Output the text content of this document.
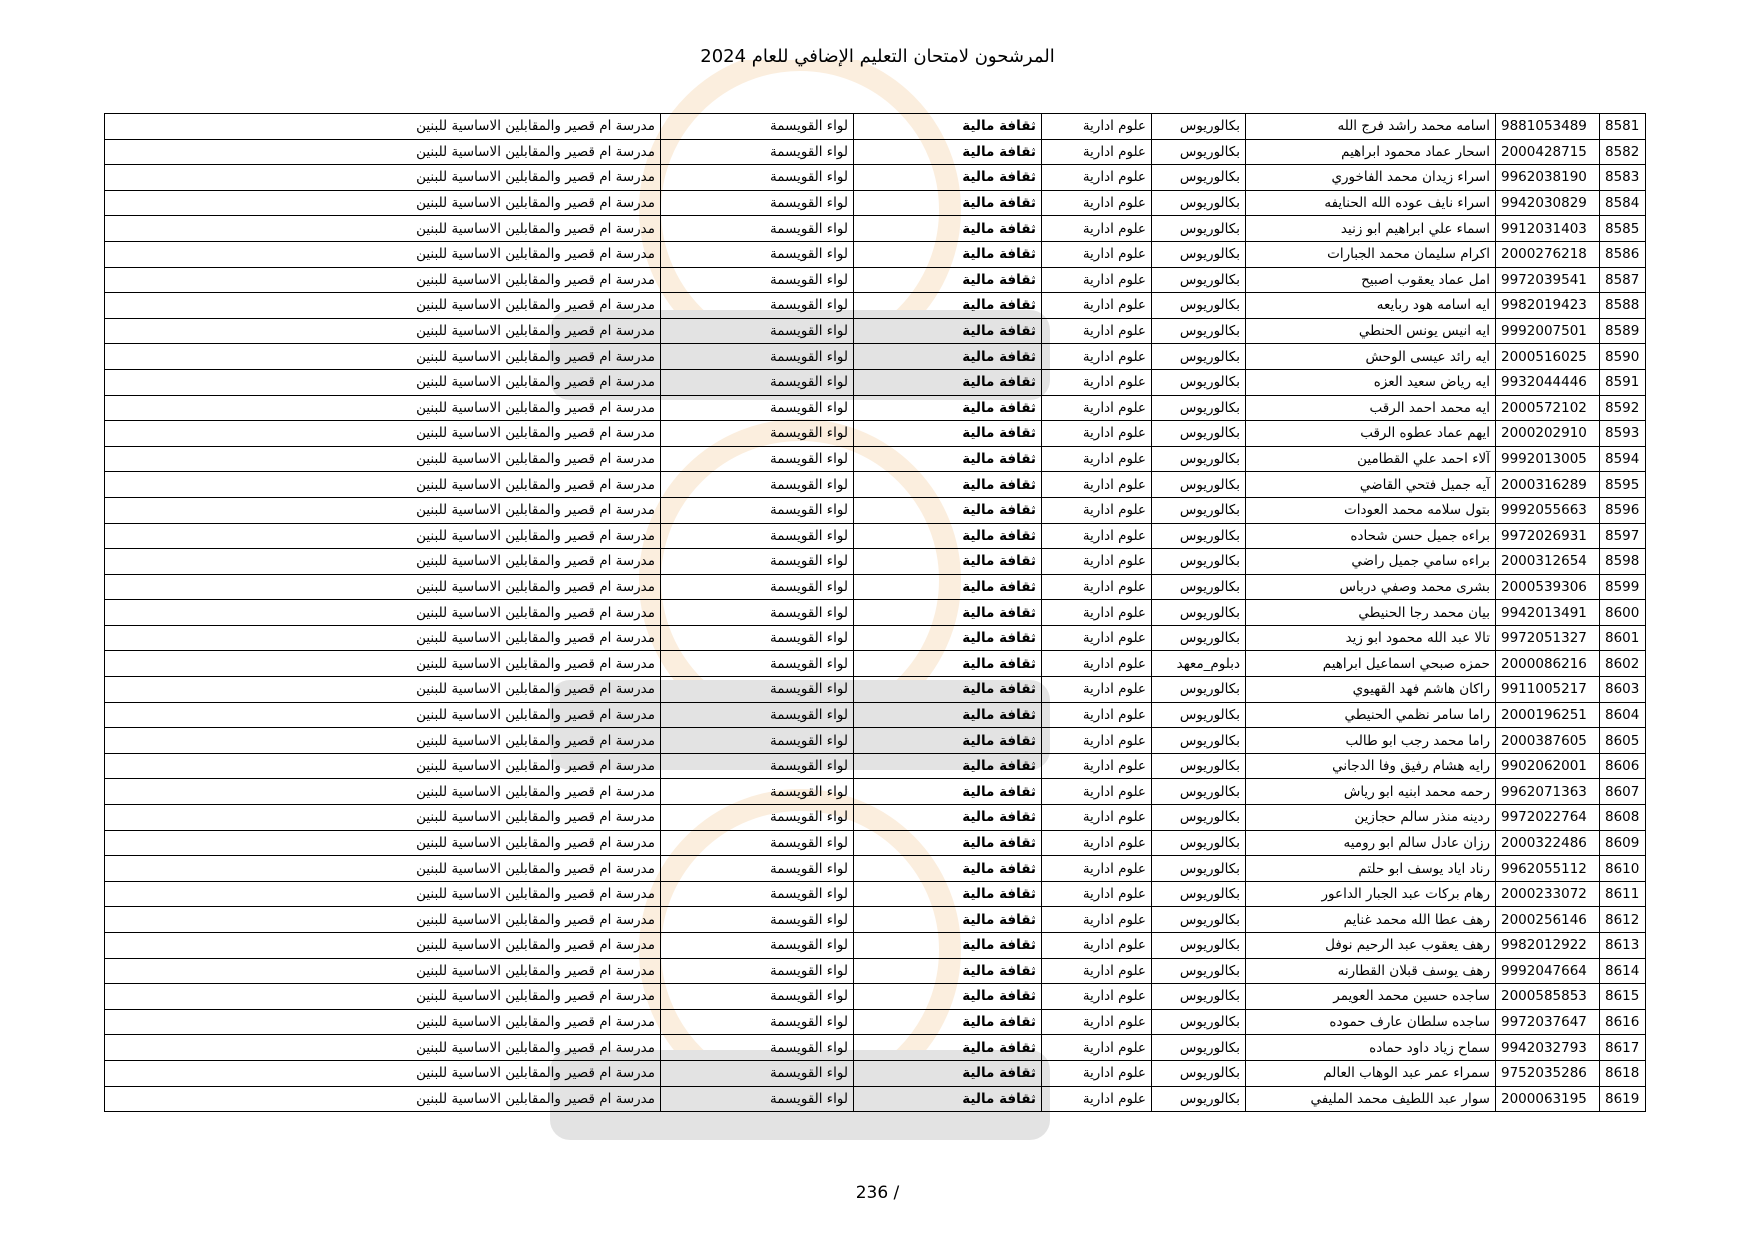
المرشحون لامتحان التعليم الإضافي للعام 2024
8581	9881053489	اسامه محمد راشد فرج الله	بكالوريوس	علوم ادارية	ثقافة مالية	لواء القويسمة	مدرسة ام قصير والمقابلين الاساسية للبنين
8582	2000428715	اسحار عماد محمود ابراهيم	بكالوريوس	علوم ادارية	ثقافة مالية	لواء القويسمة	مدرسة ام قصير والمقابلين الاساسية للبنين
8583	9962038190	اسراء زيدان محمد الفاخوري	بكالوريوس	علوم ادارية	ثقافة مالية	لواء القويسمة	مدرسة ام قصير والمقابلين الاساسية للبنين
8584	9942030829	اسراء نايف عوده الله الحنايفه	بكالوريوس	علوم ادارية	ثقافة مالية	لواء القويسمة	مدرسة ام قصير والمقابلين الاساسية للبنين
8585	9912031403	اسماء علي ابراهيم ابو زنيد	بكالوريوس	علوم ادارية	ثقافة مالية	لواء القويسمة	مدرسة ام قصير والمقابلين الاساسية للبنين
8586	2000276218	اكرام سليمان محمد الجبارات	بكالوريوس	علوم ادارية	ثقافة مالية	لواء القويسمة	مدرسة ام قصير والمقابلين الاساسية للبنين
8587	9972039541	امل عماد يعقوب اصبيح	بكالوريوس	علوم ادارية	ثقافة مالية	لواء القويسمة	مدرسة ام قصير والمقابلين الاساسية للبنين
8588	9982019423	ايه اسامه هود ربايعه	بكالوريوس	علوم ادارية	ثقافة مالية	لواء القويسمة	مدرسة ام قصير والمقابلين الاساسية للبنين
8589	9992007501	ايه انيس يونس الحنطي	بكالوريوس	علوم ادارية	ثقافة مالية	لواء القويسمة	مدرسة ام قصير والمقابلين الاساسية للبنين
8590	2000516025	ايه رائد عيسى الوحش	بكالوريوس	علوم ادارية	ثقافة مالية	لواء القويسمة	مدرسة ام قصير والمقابلين الاساسية للبنين
8591	9932044446	ايه رياض سعيد العزه	بكالوريوس	علوم ادارية	ثقافة مالية	لواء القويسمة	مدرسة ام قصير والمقابلين الاساسية للبنين
8592	2000572102	ايه محمد احمد الرقب	بكالوريوس	علوم ادارية	ثقافة مالية	لواء القويسمة	مدرسة ام قصير والمقابلين الاساسية للبنين
8593	2000202910	ايهم عماد عطوه الرقب	بكالوريوس	علوم ادارية	ثقافة مالية	لواء القويسمة	مدرسة ام قصير والمقابلين الاساسية للبنين
8594	9992013005	آلاء احمد علي القطامين	بكالوريوس	علوم ادارية	ثقافة مالية	لواء القويسمة	مدرسة ام قصير والمقابلين الاساسية للبنين
8595	2000316289	آيه جميل فتحي القاضي	بكالوريوس	علوم ادارية	ثقافة مالية	لواء القويسمة	مدرسة ام قصير والمقابلين الاساسية للبنين
8596	9992055663	بتول سلامه محمد العودات	بكالوريوس	علوم ادارية	ثقافة مالية	لواء القويسمة	مدرسة ام قصير والمقابلين الاساسية للبنين
8597	9972026931	براءه جميل حسن شحاده	بكالوريوس	علوم ادارية	ثقافة مالية	لواء القويسمة	مدرسة ام قصير والمقابلين الاساسية للبنين
8598	2000312654	براءه سامي جميل راضي	بكالوريوس	علوم ادارية	ثقافة مالية	لواء القويسمة	مدرسة ام قصير والمقابلين الاساسية للبنين
8599	2000539306	بشرى محمد وصفي درباس	بكالوريوس	علوم ادارية	ثقافة مالية	لواء القويسمة	مدرسة ام قصير والمقابلين الاساسية للبنين
8600	9942013491	بيان محمد رجا الحنيطي	بكالوريوس	علوم ادارية	ثقافة مالية	لواء القويسمة	مدرسة ام قصير والمقابلين الاساسية للبنين
8601	9972051327	تالا عبد الله محمود ابو زيد	بكالوريوس	علوم ادارية	ثقافة مالية	لواء القويسمة	مدرسة ام قصير والمقابلين الاساسية للبنين
8602	2000086216	حمزه صبحي اسماعيل ابراهيم	دبلوم_معهد	علوم ادارية	ثقافة مالية	لواء القويسمة	مدرسة ام قصير والمقابلين الاساسية للبنين
8603	9911005217	راكان هاشم فهد القهيوي	بكالوريوس	علوم ادارية	ثقافة مالية	لواء القويسمة	مدرسة ام قصير والمقابلين الاساسية للبنين
8604	2000196251	راما سامر نظمي الحنيطي	بكالوريوس	علوم ادارية	ثقافة مالية	لواء القويسمة	مدرسة ام قصير والمقابلين الاساسية للبنين
8605	2000387605	راما محمد رجب ابو طالب	بكالوريوس	علوم ادارية	ثقافة مالية	لواء القويسمة	مدرسة ام قصير والمقابلين الاساسية للبنين
8606	9902062001	رايه هشام رفيق وفا الدجاني	بكالوريوس	علوم ادارية	ثقافة مالية	لواء القويسمة	مدرسة ام قصير والمقابلين الاساسية للبنين
8607	9962071363	رحمه محمد ابنيه ابو رياش	بكالوريوس	علوم ادارية	ثقافة مالية	لواء القويسمة	مدرسة ام قصير والمقابلين الاساسية للبنين
8608	9972022764	ردينه منذر سالم حجازين	بكالوريوس	علوم ادارية	ثقافة مالية	لواء القويسمة	مدرسة ام قصير والمقابلين الاساسية للبنين
8609	2000322486	رزان عادل سالم ابو روميه	بكالوريوس	علوم ادارية	ثقافة مالية	لواء القويسمة	مدرسة ام قصير والمقابلين الاساسية للبنين
8610	9962055112	رناد اياد يوسف ابو حلتم	بكالوريوس	علوم ادارية	ثقافة مالية	لواء القويسمة	مدرسة ام قصير والمقابلين الاساسية للبنين
8611	2000233072	رهام بركات عبد الجبار الداعور	بكالوريوس	علوم ادارية	ثقافة مالية	لواء القويسمة	مدرسة ام قصير والمقابلين الاساسية للبنين
8612	2000256146	رهف عطا الله محمد غنايم	بكالوريوس	علوم ادارية	ثقافة مالية	لواء القويسمة	مدرسة ام قصير والمقابلين الاساسية للبنين
8613	9982012922	رهف يعقوب عبد الرحيم نوفل	بكالوريوس	علوم ادارية	ثقافة مالية	لواء القويسمة	مدرسة ام قصير والمقابلين الاساسية للبنين
8614	9992047664	رهف يوسف قبلان القطارنه	بكالوريوس	علوم ادارية	ثقافة مالية	لواء القويسمة	مدرسة ام قصير والمقابلين الاساسية للبنين
8615	2000585853	ساجده حسين محمد العويمر	بكالوريوس	علوم ادارية	ثقافة مالية	لواء القويسمة	مدرسة ام قصير والمقابلين الاساسية للبنين
8616	9972037647	ساجده سلطان عارف حموده	بكالوريوس	علوم ادارية	ثقافة مالية	لواء القويسمة	مدرسة ام قصير والمقابلين الاساسية للبنين
8617	9942032793	سماح زياد داود حماده	بكالوريوس	علوم ادارية	ثقافة مالية	لواء القويسمة	مدرسة ام قصير والمقابلين الاساسية للبنين
8618	9752035286	سمراء عمر عبد الوهاب العالم	بكالوريوس	علوم ادارية	ثقافة مالية	لواء القويسمة	مدرسة ام قصير والمقابلين الاساسية للبنين
8619	2000063195	سوار عبد اللطيف محمد المليفي	بكالوريوس	علوم ادارية	ثقافة مالية	لواء القويسمة	مدرسة ام قصير والمقابلين الاساسية للبنين
236 /
